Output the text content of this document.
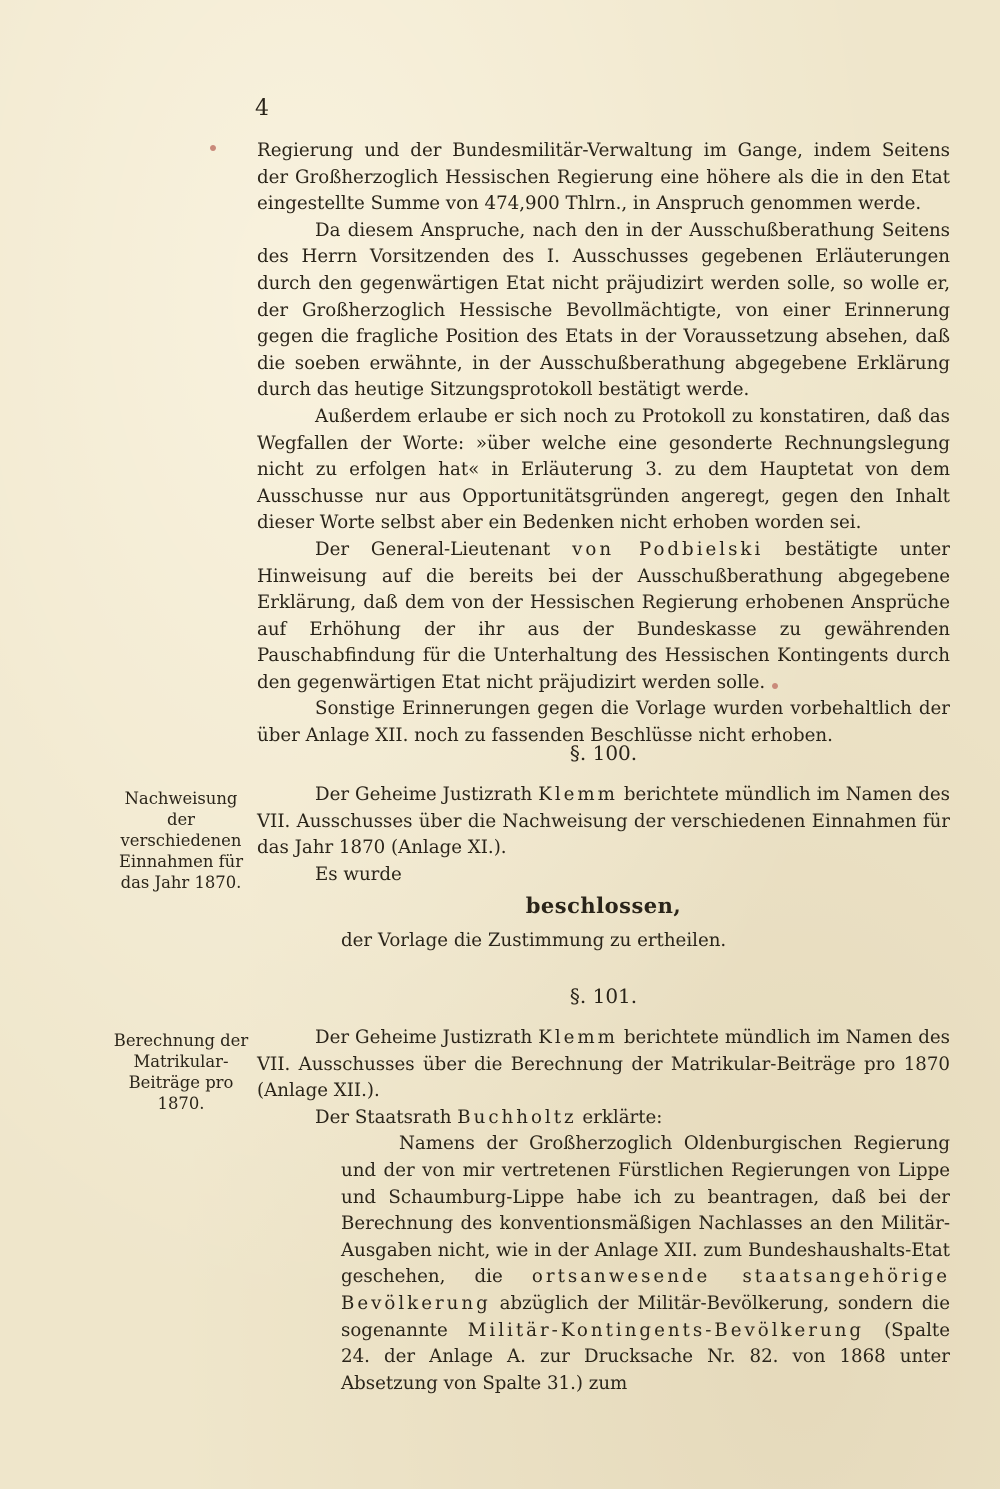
4

Regierung und der Bundesmilitär-Verwaltung im Gange, indem Seitens der Großherzoglich Hessischen Regierung eine höhere als die in den Etat eingestellte Summe von 474,900 Thlrn., in Anspruch genommen werde.

Da diesem Anspruche, nach den in der Ausschußberathung Seitens des Herrn Vorsitzenden des I. Ausschusses gegebenen Erläuterungen durch den gegenwärtigen Etat nicht präjudizirt werden solle, so wolle er, der Großherzoglich Hessische Bevollmächtigte, von einer Erinnerung gegen die fragliche Position des Etats in der Voraussetzung absehen, daß die soeben erwähnte, in der Ausschußberathung abgegebene Erklärung durch das heutige Sitzungsprotokoll bestätigt werde.

Außerdem erlaube er sich noch zu Protokoll zu konstatiren, daß das Wegfallen der Worte: »über welche eine gesonderte Rechnungslegung nicht zu erfolgen hat« in Erläuterung 3. zu dem Hauptetat von dem Ausschusse nur aus Opportunitätsgründen angeregt, gegen den Inhalt dieser Worte selbst aber ein Bedenken nicht erhoben worden sei.

Der General-Lieutenant von Podbielski bestätigte unter Hinweisung auf die bereits bei der Ausschußberathung abgegebene Erklärung, daß dem von der Hessischen Regierung erhobenen Ansprüche auf Erhöhung der ihr aus der Bundeskasse zu gewährenden Pauschabfindung für die Unterhaltung des Hessischen Kontingents durch den gegenwärtigen Etat nicht präjudizirt werden solle.

Sonstige Erinnerungen gegen die Vorlage wurden vorbehaltlich der über Anlage XII. noch zu fassenden Beschlüsse nicht erhoben.

§. 100.
Nachweisung der verschiedenen Einnahmen für das Jahr 1870.

Der Geheime Justizrath Klemm berichtete mündlich im Namen des VII. Ausschusses über die Nachweisung der verschiedenen Einnahmen für das Jahr 1870 (Anlage XI.).

Es wurde

beschlossen,

der Vorlage die Zustimmung zu ertheilen.

§. 101.
Berechnung der Matrikular-Beiträge pro 1870.

Der Geheime Justizrath Klemm berichtete mündlich im Namen des VII. Ausschusses über die Berechnung der Matrikular-Beiträge pro 1870 (Anlage XII.).

Der Staatsrath Buchholtz erklärte:

Namens der Großherzoglich Oldenburgischen Regierung und der von mir vertretenen Fürstlichen Regierungen von Lippe und Schaumburg-Lippe habe ich zu beantragen, daß bei der Berechnung des konventionsmäßigen Nachlasses an den Militär-Ausgaben nicht, wie in der Anlage XII. zum Bundeshaushalts-Etat geschehen, die ortsanwesende staatsangehörige Bevölkerung abzüglich der Militär-Bevölkerung, sondern die sogenannte Militär-Kontingents-Bevölkerung (Spalte 24. der Anlage A. zur Drucksache Nr. 82. von 1868 unter Absetzung von Spalte 31.) zum
